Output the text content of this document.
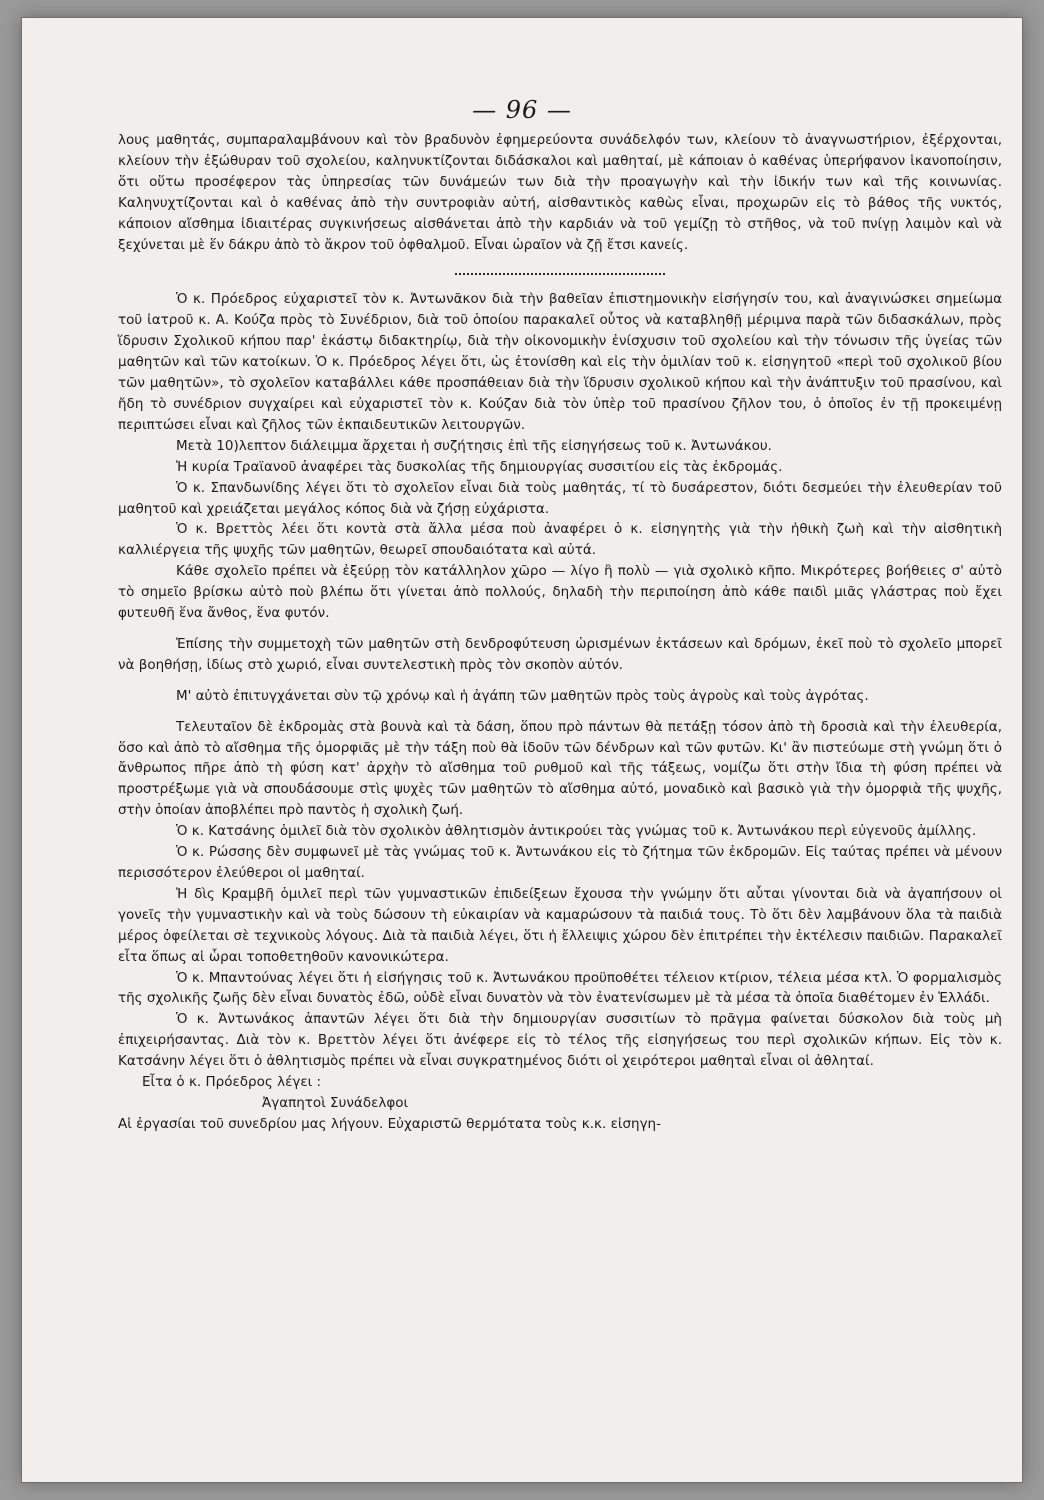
— 96 —

λους μαθητάς, συμπαραλαμβάνουν καὶ τὸν βραδυνὸν ἐφημερεύοντα συνάδελφόν των, κλείουν τὸ ἀναγνωστήριον, ἐξέρχονται, κλείουν τὴν ἐξώθυραν τοῦ σχολείου, καληνυκτίζονται διδάσκαλοι καὶ μαθηταί, μὲ κάποιαν ὁ καθένας ὑπερήφανον ἱκανοποίησιν, ὅτι οὕτω προσέφερον τὰς ὑπηρεσίας τῶν δυνάμεών των διὰ τὴν προαγωγὴν καὶ τὴν ἰδικήν των καὶ τῆς κοινωνίας. Καληνυχτίζονται καὶ ὁ καθένας ἀπὸ τὴν συντροφιὰν αὐτή, αἰσθαντικὸς καθὼς εἶναι, προχωρῶν εἰς τὸ βάθος τῆς νυκτός, κάποιον αἴσθημα ἰδιαιτέρας συγκινήσεως αἰσθάνεται ἀπὸ τὴν καρδιάν νὰ τοῦ γεμίζῃ τὸ στῆθος, νὰ τοῦ πνίγῃ λαιμὸν καὶ νὰ ξεχύνεται μὲ ἕν δάκρυ ἀπὸ τὸ ἄκρον τοῦ ὀφθαλμοῦ. Εἶναι ὡραῖον νὰ ζῇ ἔτσι κανείς.

Ὁ κ. Πρόεδρος εὐχαριστεῖ τὸν κ. Ἀντωνᾶκον διὰ τὴν βαθεῖαν ἐπιστημονικὴν εἰσήγησίν του, καὶ ἀναγινώσκει σημείωμα τοῦ ἰατροῦ κ. Α. Κούζα πρὸς τὸ Συνέδριον, διὰ τοῦ ὁποίου παρακαλεῖ οὗτος νὰ καταβληθῇ μέριμνα παρὰ τῶν διδασκάλων, πρὸς ἵδρυσιν Σχολικοῦ κήπου παρ' ἑκάστῳ διδακτηρίῳ, διὰ τὴν οἰκονομικὴν ἐνίσχυσιν τοῦ σχολείου καὶ τὴν τόνωσιν τῆς ὑγείας τῶν μαθητῶν καὶ τῶν κατοίκων. Ὁ κ. Πρόεδρος λέγει ὅτι, ὡς ἐτονίσθη καὶ εἰς τὴν ὁμιλίαν τοῦ κ. εἰσηγητοῦ «περὶ τοῦ σχολικοῦ βίου τῶν μαθητῶν», τὸ σχολεῖον καταβάλλει κάθε προσπάθειαν διὰ τὴν ἵδρυσιν σχολικοῦ κήπου καὶ τὴν ἀνάπτυξιν τοῦ πρασίνου, καὶ ἤδη τὸ συνέδριον συγχαίρει καὶ εὐχαριστεῖ τὸν κ. Κούζαν διὰ τὸν ὑπὲρ τοῦ πρασίνου ζῆλον του, ὁ ὁποῖος ἐν τῇ προκειμένῃ περιπτώσει εἶναι καὶ ζῆλος τῶν ἐκπαιδευτικῶν λειτουργῶν.

Μετὰ 10)λεπτον διάλειμμα ἄρχεται ἡ συζήτησις ἐπὶ τῆς εἰσηγήσεως τοῦ κ. Ἀντωνάκου.

Ἡ κυρία Τραϊανοῦ ἀναφέρει τὰς δυσκολίας τῆς δημιουργίας συσσιτίου εἰς τὰς ἐκδρομάς.

Ὁ κ. Σπανδωνίδης λέγει ὅτι τὸ σχολεῖον εἶναι διὰ τοὺς μαθητάς, τί τὸ δυσάρεστον, διότι δεσμεύει τὴν ἐλευθερίαν τοῦ μαθητοῦ καὶ χρειάζεται μεγάλος κόπος διὰ νὰ ζήσῃ εὐχάριστα.

Ὁ κ. Βρεττὸς λέει ὅτι κοντὰ στὰ ἄλλα μέσα ποὺ ἀναφέρει ὁ κ. εἰσηγητὴς γιὰ τὴν ἠθικὴ ζωὴ καὶ τὴν αἰσθητικὴ καλλιέργεια τῆς ψυχῆς τῶν μαθητῶν, θεωρεῖ σπουδαιότατα καὶ αὐτά.

Κάθε σχολεῖο πρέπει νὰ ἐξεύρῃ τὸν κατάλληλον χῶρο — λίγο ἢ πολὺ — γιὰ σχολικὸ κῆπο. Μικρότερες βοήθειες σ' αὐτὸ τὸ σημεῖο βρίσκω αὐτὸ ποὺ βλέπω ὅτι γίνεται ἀπὸ πολλούς, δηλαδὴ τὴν περιποίηση ἀπὸ κάθε παιδὶ μιᾶς γλάστρας ποὺ ἔχει φυτευθῆ ἕνα ἄνθος, ἕνα φυτόν.

Ἐπίσης τὴν συμμετοχὴ τῶν μαθητῶν στὴ δενδροφύτευση ὡρισμένων ἐκτάσεων καὶ δρόμων, ἐκεῖ ποὺ τὸ σχολεῖο μπορεῖ νὰ βοηθήσῃ, ἰδίως στὸ χωριό, εἶναι συντελεστικὴ πρὸς τὸν σκοπὸν αὐτόν.

Μ' αὐτὸ ἐπιτυγχάνεται σὺν τῷ χρόνῳ καὶ ἡ ἀγάπη τῶν μαθητῶν πρὸς τοὺς ἀγροὺς καὶ τοὺς ἀγρότας.

Τελευταῖον δὲ ἐκδρομὰς στὰ βουνὰ καὶ τὰ δάση, ὅπου πρὸ πάντων θὰ πετάξῃ τόσον ἀπὸ τὴ δροσιὰ καὶ τὴν ἐλευθερία, ὅσο καὶ ἀπὸ τὸ αἴσθημα τῆς ὀμορφιᾶς μὲ τὴν τάξη ποὺ θὰ ἰδοῦν τῶν δένδρων καὶ τῶν φυτῶν. Κι' ἂν πιστεύωμε στὴ γνώμη ὅτι ὁ ἄνθρωπος πῆρε ἀπὸ τὴ φύση κατ' ἀρχὴν τὸ αἴσθημα τοῦ ρυθμοῦ καὶ τῆς τάξεως, νομίζω ὅτι στὴν ἴδια τὴ φύση πρέπει νὰ προστρέξωμε γιὰ νὰ σπουδάσουμε στὶς ψυχὲς τῶν μαθητῶν τὸ αἴσθημα αὐτό, μοναδικὸ καὶ βασικὸ γιὰ τὴν ὀμορφιὰ τῆς ψυχῆς, στὴν ὁποίαν ἀποβλέπει πρὸ παντὸς ἡ σχολικὴ ζωή.

Ὁ κ. Κατσάνης ὁμιλεῖ διὰ τὸν σχολικὸν ἀθλητισμὸν ἀντικρούει τὰς γνώμας τοῦ κ. Ἀντωνάκου περὶ εὐγενοῦς ἁμίλλης.

Ὁ κ. Ρώσσης δὲν συμφωνεῖ μὲ τὰς γνώμας τοῦ κ. Ἀντωνάκου εἰς τὸ ζήτημα τῶν ἐκδρομῶν. Εἰς ταύτας πρέπει νὰ μένουν περισσότερον ἐλεύθεροι οἱ μαθηταί.

Ἡ δὶς Κραμβῆ ὁμιλεῖ περὶ τῶν γυμναστικῶν ἐπιδείξεων ἔχουσα τὴν γνώμην ὅτι αὗται γίνονται διὰ νὰ ἀγαπήσουν οἱ γονεῖς τὴν γυμναστικὴν καὶ νὰ τοὺς δώσουν τὴ εὐκαιρίαν νὰ καμαρώσουν τὰ παιδιά τους. Τὸ ὅτι δὲν λαμβάνουν ὅλα τὰ παιδιὰ μέρος ὀφείλεται σὲ τεχνικοὺς λόγους. Διὰ τὰ παιδιὰ λέγει, ὅτι ἡ ἔλλειψις χώρου δὲν ἐπιτρέπει τὴν ἐκτέλεσιν παιδιῶν. Παρακαλεῖ εἶτα ὅπως αἱ ὧραι τοποθετηθοῦν κανονικώτερα.

Ὁ κ. Μπαντούνας λέγει ὅτι ἡ εἰσήγησις τοῦ κ. Ἀντωνάκου προϋποθέτει τέλειον κτίριον, τέλεια μέσα κτλ. Ὁ φορμαλισμὸς τῆς σχολικῆς ζωῆς δὲν εἶναι δυνατὸς ἐδῶ, οὐδὲ εἶναι δυνατὸν νὰ τὸν ἐνατενίσωμεν μὲ τὰ μέσα τὰ ὁποῖα διαθέτομεν ἐν Ἑλλάδι.

Ὁ κ. Ἀντωνάκος ἀπαντῶν λέγει ὅτι διὰ τὴν δημιουργίαν συσσιτίων τὸ πρᾶγμα φαίνεται δύσκολον διὰ τοὺς μὴ ἐπιχειρήσαντας. Διὰ τὸν κ. Βρεττὸν λέγει ὅτι ἀνέφερε εἰς τὸ τέλος τῆς εἰσηγήσεως του περὶ σχολικῶν κήπων. Εἰς τὸν κ. Κατσάνην λέγει ὅτι ὁ ἀθλητισμὸς πρέπει νὰ εἶναι συγκρατημένος διότι οἱ χειρότεροι μαθηταὶ εἶναι οἱ ἀθληταί.

Εἶτα ὁ κ. Πρόεδρος λέγει :

Ἀγαπητοὶ Συνάδελφοι

Αἱ ἐργασίαι τοῦ συνεδρίου μας λήγουν. Εὐχαριστῶ θερμότατα τοὺς κ.κ. εἰσηγη-
